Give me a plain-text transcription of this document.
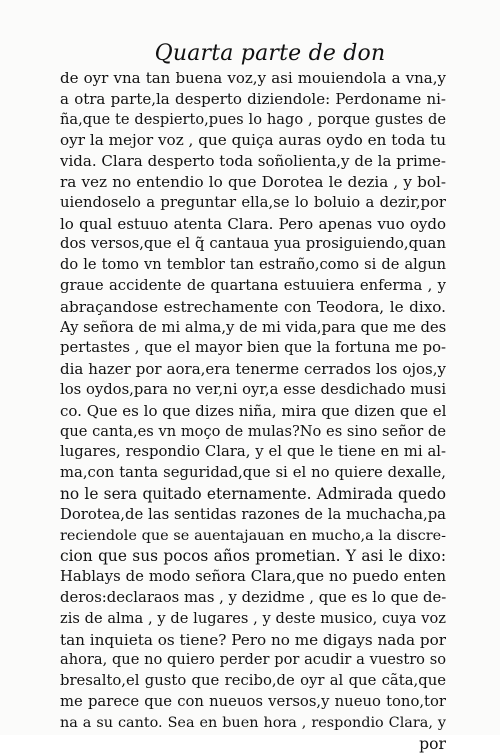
Quarta parte de don
de oyr vna tan buena voz,y asi mouiendola a vna,y
a otra parte,la desperto diziendole: Perdoname ni-
ña,que te despierto,pues lo hago , porque gustes de
oyr la mejor voz , que quiça auras oydo en toda tu
vida. Clara desperto toda soñolienta,y de la prime-
ra vez no entendio lo que Dorotea le dezia , y bol-
uiendoselo a preguntar ella,se lo boluio a dezir,por
lo qual estuuo atenta Clara. Pero apenas vuo oydo
dos versos,que el q̃ cantaua yua prosiguiendo,quan
do le tomo vn temblor tan estraño,como si de algun
graue accidente de quartana estuuiera enferma , y
abraçandose estrechamente con Teodora, le dixo.
Ay señora de mi alma,y de mi vida,para que me des
pertastes , que el mayor bien que la fortuna me po-
dia hazer por aora,era tenerme cerrados los ojos,y
los oydos,para no ver,ni oyr,a esse desdichado musi
co. Que es lo que dizes niña, mira que dizen que el
que canta,es vn moço de mulas?No es sino señor de
lugares, respondio Clara, y el que le tiene en mi al-
ma,con tanta seguridad,que si el no quiere dexalle,
no le sera quitado eternamente. Admirada quedo
Dorotea,de las sentidas razones de la muchacha,pa
reciendole que se auentajauan en mucho,a la discre-
cion que sus pocos años prometian. Y asi le dixo:
Hablays de modo señora Clara,que no puedo enten
deros:declaraos mas , y dezidme , que es lo que de-
zis de alma , y de lugares , y deste musico, cuya voz
tan inquieta os tiene? Pero no me digays nada por
ahora, que no quiero perder por acudir a vuestro so
bresalto,el gusto que recibo,de oyr al que cãta,que
me parece que con nueuos versos,y nueuo tono,tor
na a su canto. Sea en buen hora , respondio Clara, y
por
